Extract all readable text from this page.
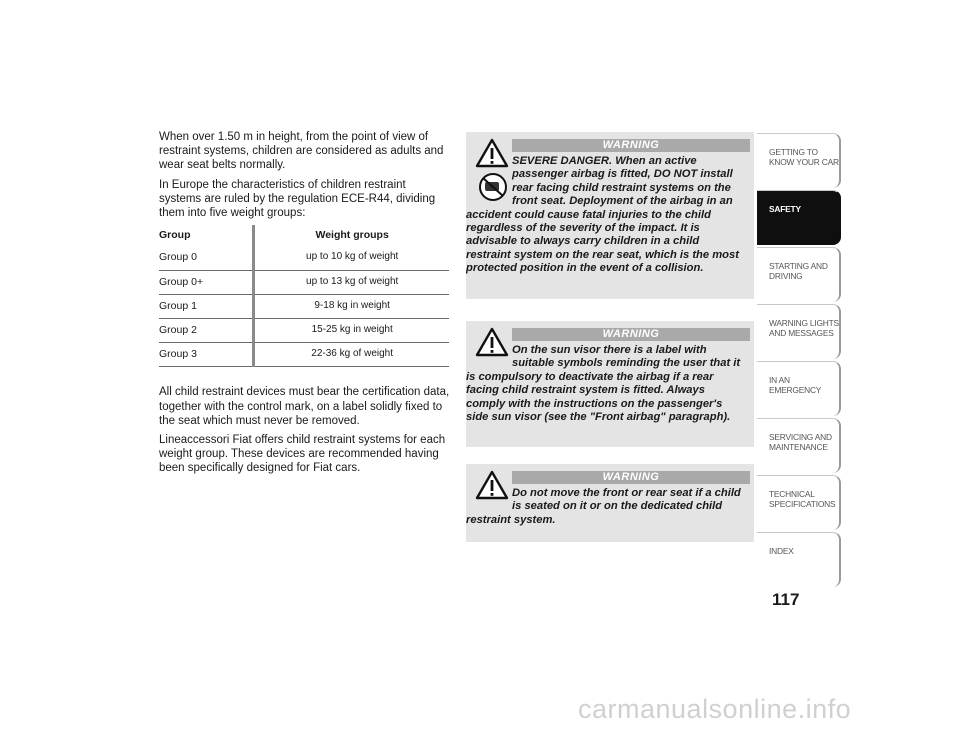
When over 1.50 m in height, from the point of view of restraint systems, children are considered as adults and wear seat belts normally.

In Europe the characteristics of children restraint systems are ruled by the regulation ECE-R44, dividing them into five weight groups:

Group	Weight groups
Group 0	up to 10 kg of weight
Group 0+	up to 13 kg of weight
Group 1	9-18 kg in weight
Group 2	15-25 kg in weight
Group 3	22-36 kg of weight

All child restraint devices must bear the certification data, together with the control mark, on a label solidly fixed to the seat which must never be removed.

Lineaccessori Fiat offers child restraint systems for each weight group. These devices are recommended having been specifically designed for Fiat cars.

WARNING
SEVERE DANGER. When an active passenger airbag is fitted, DO NOT install rear facing child restraint systems on the front seat. Deployment of the airbag in an accident could cause fatal injuries to the child regardless of the severity of the impact. It is advisable to always carry children in a child restraint system on the rear seat, which is the most protected position in the event of a collision.
WARNING
On the sun visor there is a label with suitable symbols reminding the user that it is compulsory to deactivate the airbag if a rear facing child restraint system is fitted. Always comply with the instructions on the passenger's side sun visor (see the "Front airbag" paragraph).
WARNING
Do not move the front or rear seat if a child is seated on it or on the dedicated child restraint system.
GETTING TO KNOW YOUR CAR
SAFETY
STARTING AND DRIVING
WARNING LIGHTS AND MESSAGES
IN AN EMERGENCY
SERVICING AND MAINTENANCE
TECHNICAL SPECIFICATIONS
INDEX
117
carmanualsonline.info
